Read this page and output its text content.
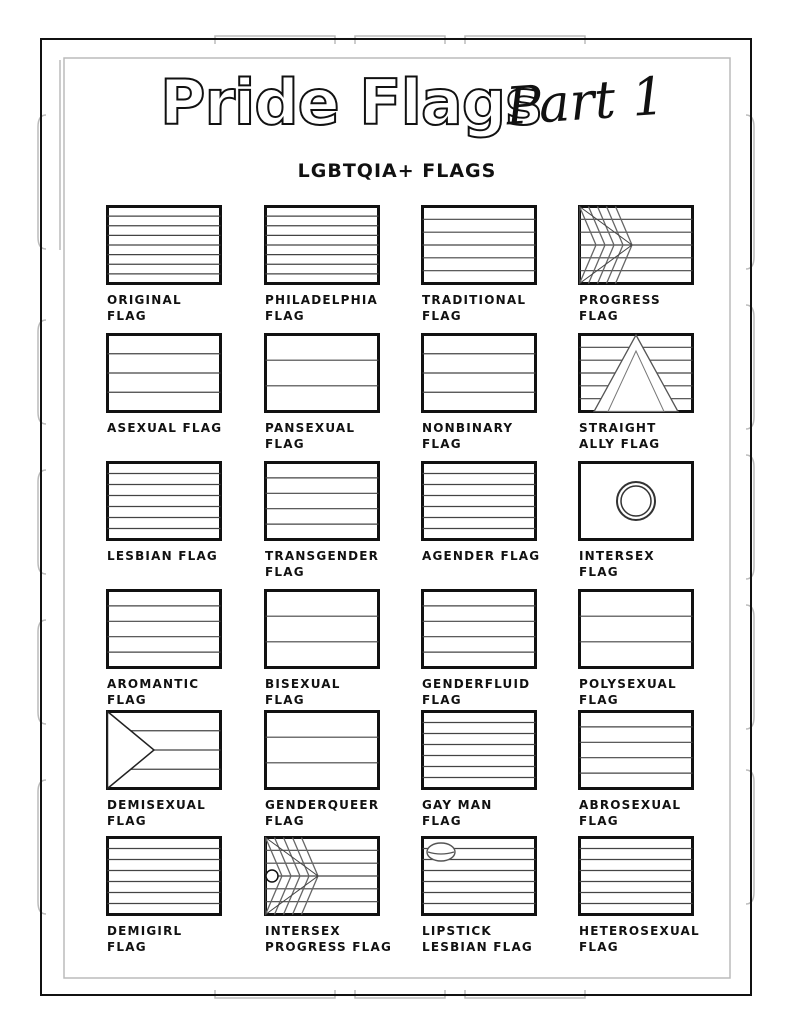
Pride Flags
Part 1
LGBTQIA+ FLAGS
ORIGINAL
FLAG
PHILADELPHIA
FLAG
TRADITIONAL
FLAG
PROGRESS
FLAG
ASEXUAL FLAG	PANSEXUAL
FLAG
NONBINARY
FLAG
STRAIGHT
ALLY FLAG
LESBIAN FLAG	TRANSGENDER
FLAG
AGENDER FLAG	INTERSEX
FLAG
AROMANTIC
FLAG
BISEXUAL
FLAG
GENDERFLUID
FLAG
POLYSEXUAL
FLAG
DEMISEXUAL
FLAG
GENDERQUEER
FLAG
GAY MAN
FLAG
ABROSEXUAL
FLAG
DEMIGIRL
FLAG
INTERSEX
PROGRESS FLAG
LIPSTICK
LESBIAN FLAG
HETEROSEXUAL
FLAG
